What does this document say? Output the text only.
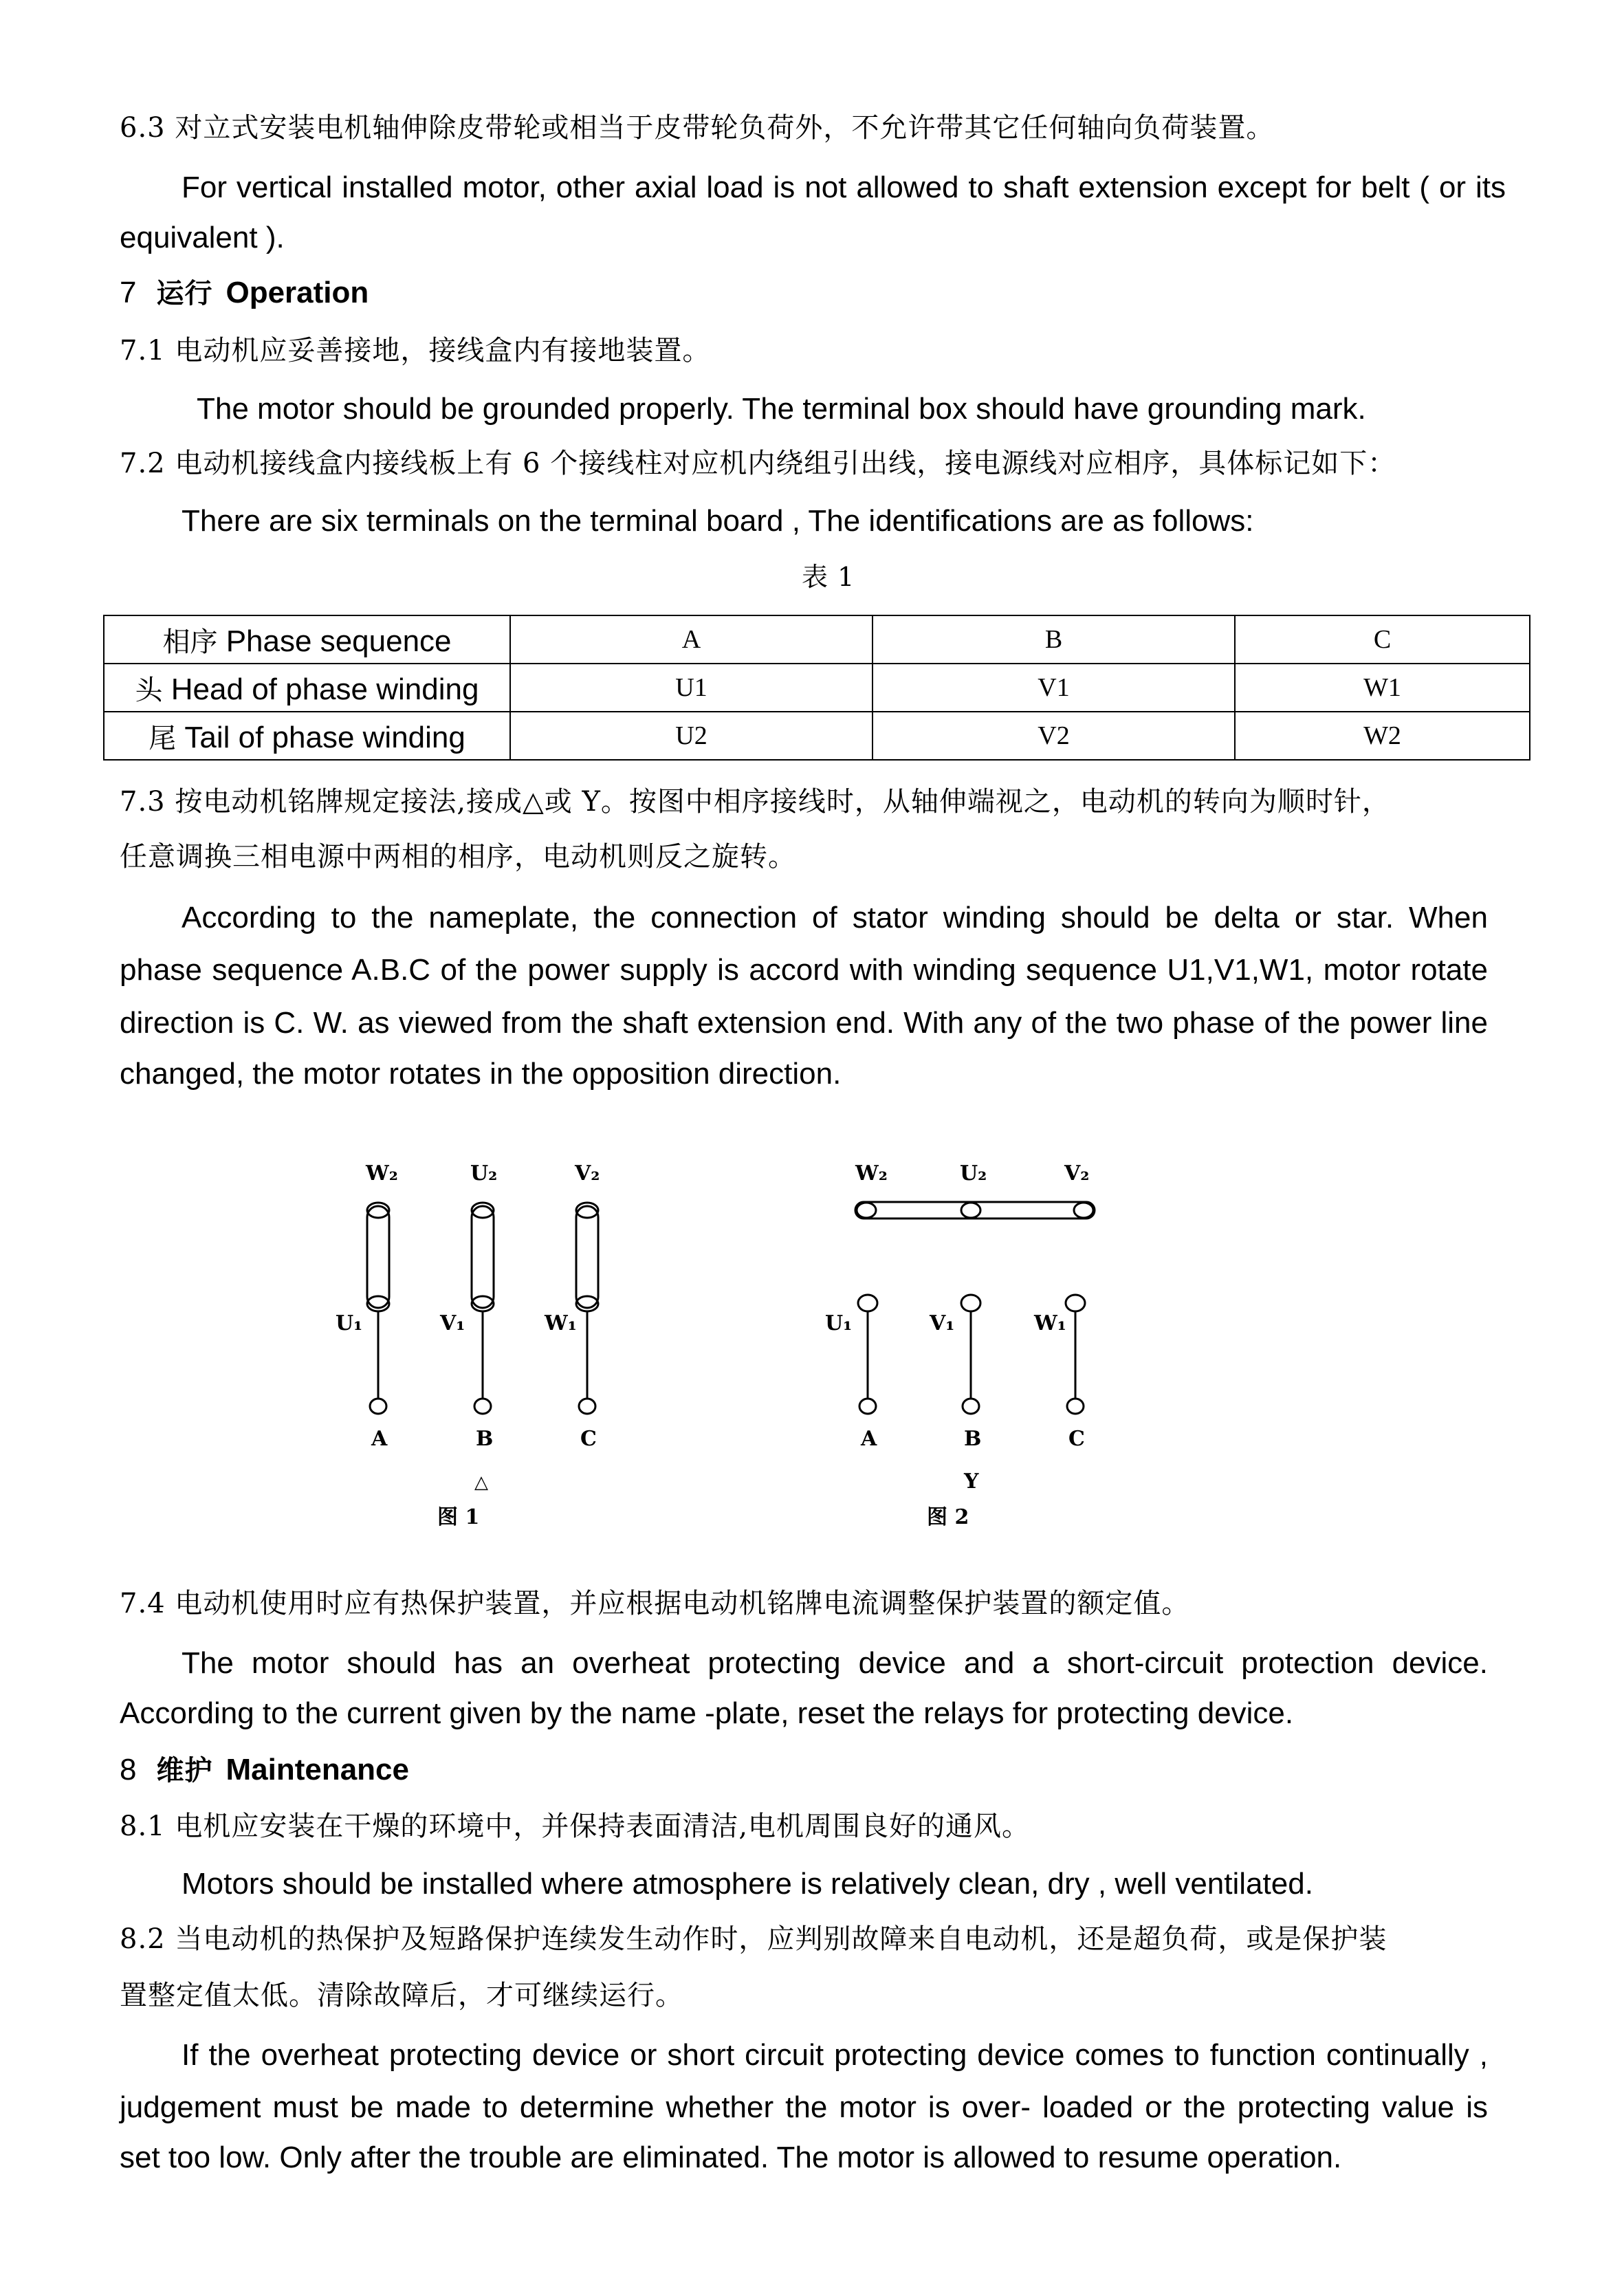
6.3 对立式安装电机轴伸除皮带轮或相当于皮带轮负荷外，不允许带其它任何轴向负荷装置。
For vertical installed motor, other axial load is not allowed to shaft extension except for belt ( or its
equivalent ).
7 运行 Operation
7.1 电动机应妥善接地，接线盒内有接地装置。
The motor should be grounded properly. The terminal box should have grounding mark.
7.2 电动机接线盒内接线板上有 6 个接线柱对应机内绕组引出线，接电源线对应相序，具体标记如下：
There are six terminals on the terminal board , The identifications are as follows:
表 1
相序 Phase sequence	A	B	C
头 Head of phase winding	U1	V1	W1
尾 Tail of phase winding	U2	V2	W2
7.3 按电动机铭牌规定接法,接成△或 Y。按图中相序接线时，从轴伸端视之，电动机的转向为顺时针，
任意调换三相电源中两相的相序，电动机则反之旋转。
According to the nameplate, the connection of stator winding should be delta or star. When
phase sequence A.B.C of the power supply is accord with winding sequence U1,V1,W1, motor rotate
direction is C. W. as viewed from the shaft extension end. With any of the two phase of the power line
changed, the motor rotates in the opposition direction.
W₂	U₂	V₂
U₁	V₁	W₁
A	B	C
△
图 1
W₂	U₂	V₂
U₁	V₁	W₁
A	B	C
Y
图 2
7.4 电动机使用时应有热保护装置，并应根据电动机铭牌电流调整保护装置的额定值。
The motor should has an overheat protecting device and a short-circuit protection device.
According to the current given by the name -plate, reset the relays for protecting device.
8 维护 Maintenance
8.1 电机应安装在干燥的环境中，并保持表面清洁,电机周围良好的通风。
Motors should be installed where atmosphere is relatively clean, dry , well ventilated.
8.2 当电动机的热保护及短路保护连续发生动作时，应判别故障来自电动机，还是超负荷，或是保护装
置整定值太低。清除故障后，才可继续运行。
If the overheat protecting device or short circuit protecting device comes to function continually ,
judgement must be made to determine whether the motor is over- loaded or the protecting value is
set too low. Only after the trouble are eliminated. The motor is allowed to resume operation.
